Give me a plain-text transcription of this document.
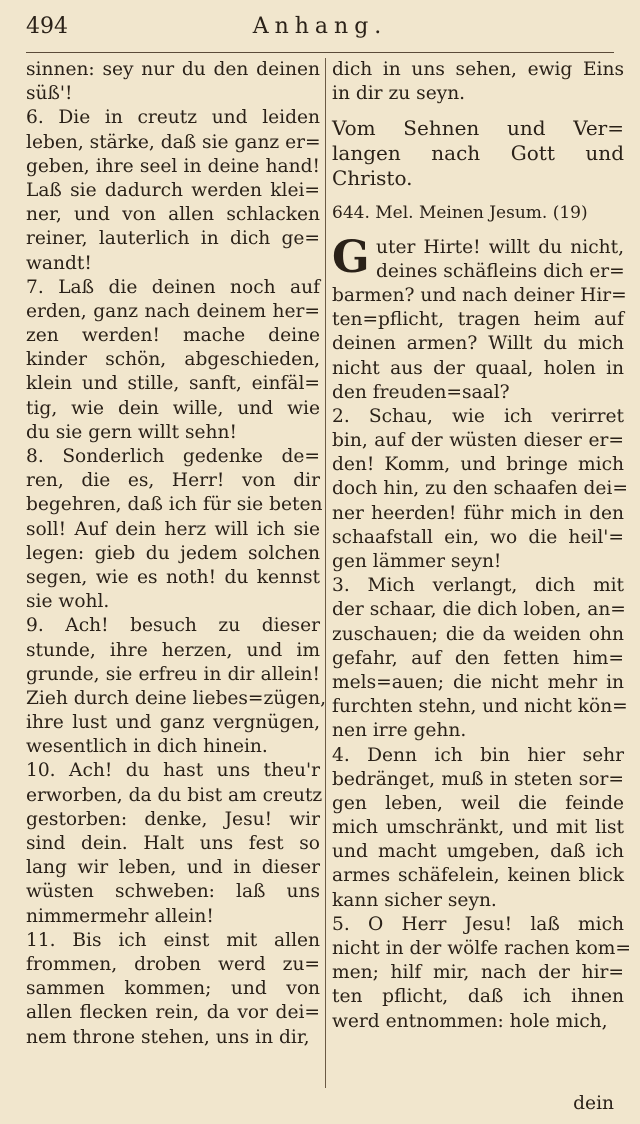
494	Anhang.
sinnen: sey nur du den deinen
süß'!
6. Die in creutz und leiden
leben, stärke, daß sie ganz er=
geben, ihre seel in deine hand!
Laß sie dadurch werden klei=
ner, und von allen schlacken
reiner, lauterlich in dich ge=
wandt!
7. Laß die deinen noch auf
erden, ganz nach deinem her=
zen werden! mache deine
kinder schön, abgeschieden,
klein und stille, sanft, einfäl=
tig, wie dein wille, und wie
du sie gern willt sehn!
8. Sonderlich gedenke de=
ren, die es, Herr! von dir
begehren, daß ich für sie beten
soll! Auf dein herz will ich sie
legen: gieb du jedem solchen
segen, wie es noth! du kennst
sie wohl.
9. Ach! besuch zu dieser
stunde, ihre herzen, und im
grunde, sie erfreu in dir allein!
Zieh durch deine liebes=zügen,
ihre lust und ganz vergnügen,
wesentlich in dich hinein.
10. Ach! du hast uns theu'r
erworben, da du bist am creutz
gestorben: denke, Jesu! wir
sind dein. Halt uns fest so
lang wir leben, und in dieser
wüsten schweben: laß uns
nimmermehr allein!
11. Bis ich einst mit allen
frommen, droben werd zu=
sammen kommen; und von
allen flecken rein, da vor dei=
nem throne stehen, uns in dir,
dich in uns sehen, ewig Eins
in dir zu seyn.
Vom Sehnen und Ver=
langen nach Gott und
Christo.
644. Mel. Meinen Jesum. (19)
G uter Hirte! willt du nicht,
deines schäfleins dich er=
barmen? und nach deiner Hir=
ten=pflicht, tragen heim auf
deinen armen? Willt du mich
nicht aus der quaal, holen in
den freuden=saal?
2. Schau, wie ich verirret
bin, auf der wüsten dieser er=
den! Komm, und bringe mich
doch hin, zu den schaafen dei=
ner heerden! führ mich in den
schaafstall ein, wo die heil'=
gen lämmer seyn!
3. Mich verlangt, dich mit
der schaar, die dich loben, an=
zuschauen; die da weiden ohn
gefahr, auf den fetten him=
mels=auen; die nicht mehr in
furchten stehn, und nicht kön=
nen irre gehn.
4. Denn ich bin hier sehr
bedränget, muß in steten sor=
gen leben, weil die feinde
mich umschränkt, und mit list
und macht umgeben, daß ich
armes schäfelein, keinen blick
kann sicher seyn.
5. O Herr Jesu! laß mich
nicht in der wölfe rachen kom=
men; hilf mir, nach der hir=
ten pflicht, daß ich ihnen
werd entnommen: hole mich,
dein
